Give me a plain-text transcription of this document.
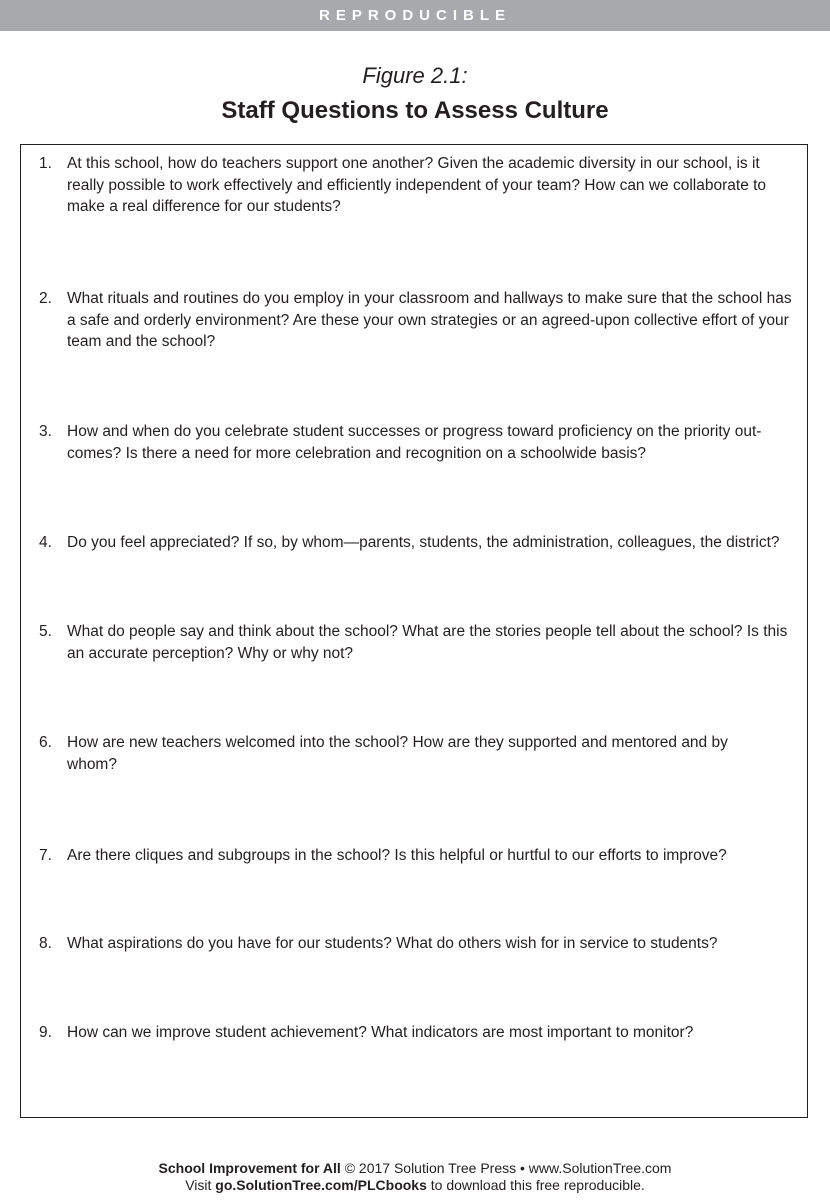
REPRODUCIBLE
Figure 2.1:
Staff Questions to Assess Culture
1. At this school, how do teachers support one another? Given the academic diversity in our school, is it really possible to work effectively and efficiently independent of your team? How can we collaborate to make a real difference for our students?
2. What rituals and routines do you employ in your classroom and hallways to make sure that the school has a safe and orderly environment? Are these your own strategies or an agreed-upon collective effort of your team and the school?
3. How and when do you celebrate student successes or progress toward proficiency on the priority out-comes? Is there a need for more celebration and recognition on a schoolwide basis?
4. Do you feel appreciated? If so, by whom—parents, students, the administration, colleagues, the district?
5. What do people say and think about the school? What are the stories people tell about the school? Is this an accurate perception? Why or why not?
6. How are new teachers welcomed into the school? How are they supported and mentored and by whom?
7. Are there cliques and subgroups in the school? Is this helpful or hurtful to our efforts to improve?
8. What aspirations do you have for our students? What do others wish for in service to students?
9. How can we improve student achievement? What indicators are most important to monitor?
School Improvement for All © 2017 Solution Tree Press • www.SolutionTree.com
Visit go.SolutionTree.com/PLCbooks to download this free reproducible.
